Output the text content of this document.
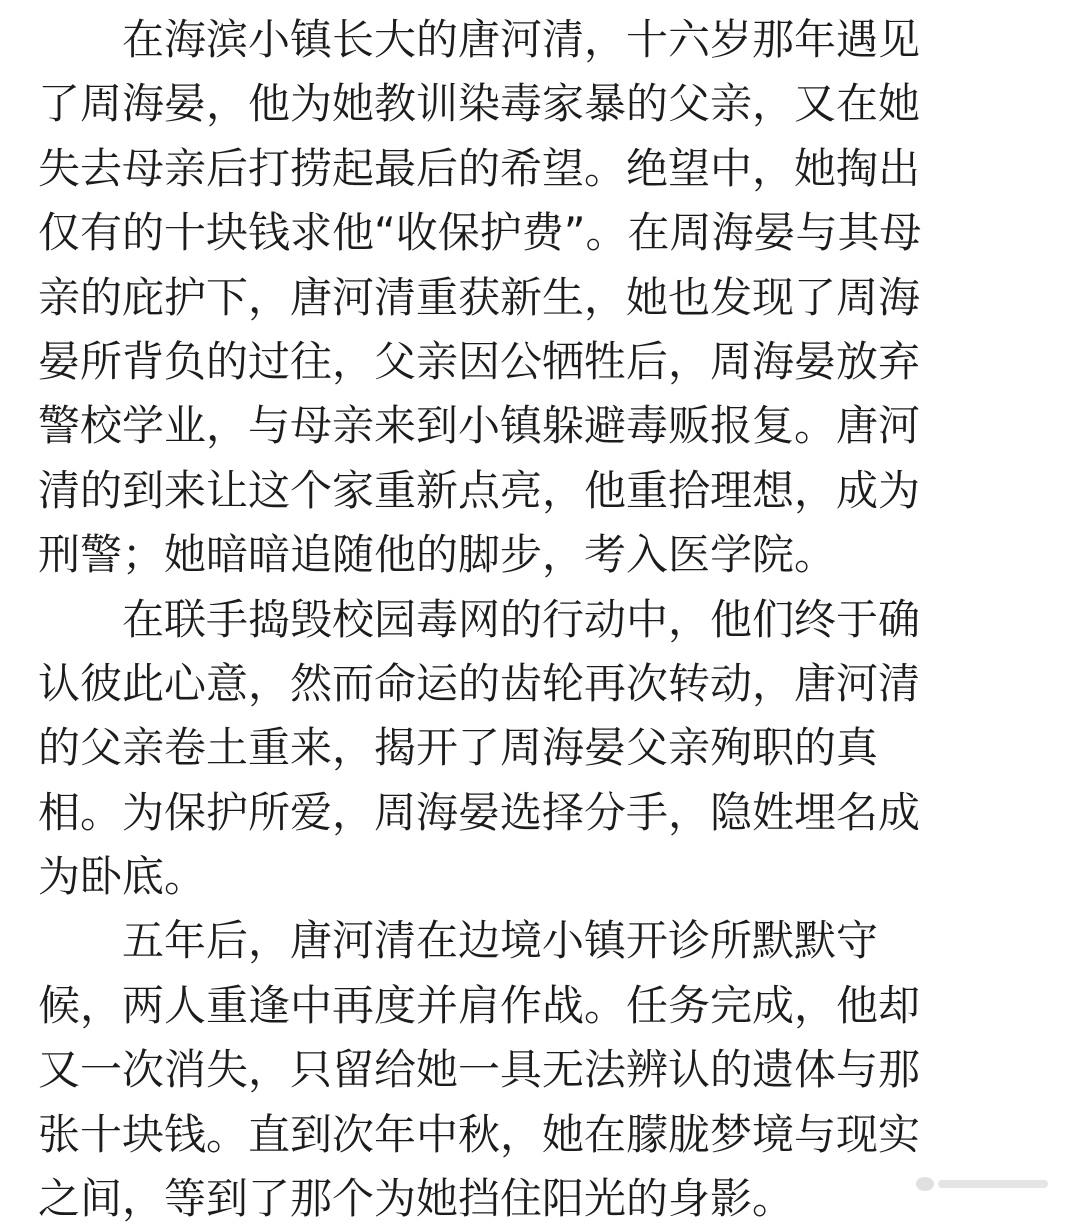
在海滨小镇长大的唐河清，十六岁那年遇见
了周海晏，他为她教训染毒家暴的父亲，又在她
失去母亲后打捞起最后的希望。绝望中，她掏出
仅有的十块钱求他“收保护费”。在周海晏与其母
亲的庇护下，唐河清重获新生，她也发现了周海
晏所背负的过往，父亲因公牺牲后，周海晏放弃
警校学业，与母亲来到小镇躲避毒贩报复。唐河
清的到来让这个家重新点亮，他重拾理想，成为
刑警；她暗暗追随他的脚步，考入医学院。
在联手捣毁校园毒网的行动中，他们终于确
认彼此心意，然而命运的齿轮再次转动，唐河清
的父亲卷土重来，揭开了周海晏父亲殉职的真
相。为保护所爱，周海晏选择分手，隐姓埋名成
为卧底。
五年后，唐河清在边境小镇开诊所默默守
候，两人重逢中再度并肩作战。任务完成，他却
又一次消失，只留给她一具无法辨认的遗体与那
张十块钱。直到次年中秋，她在朦胧梦境与现实
之间，等到了那个为她挡住阳光的身影。
